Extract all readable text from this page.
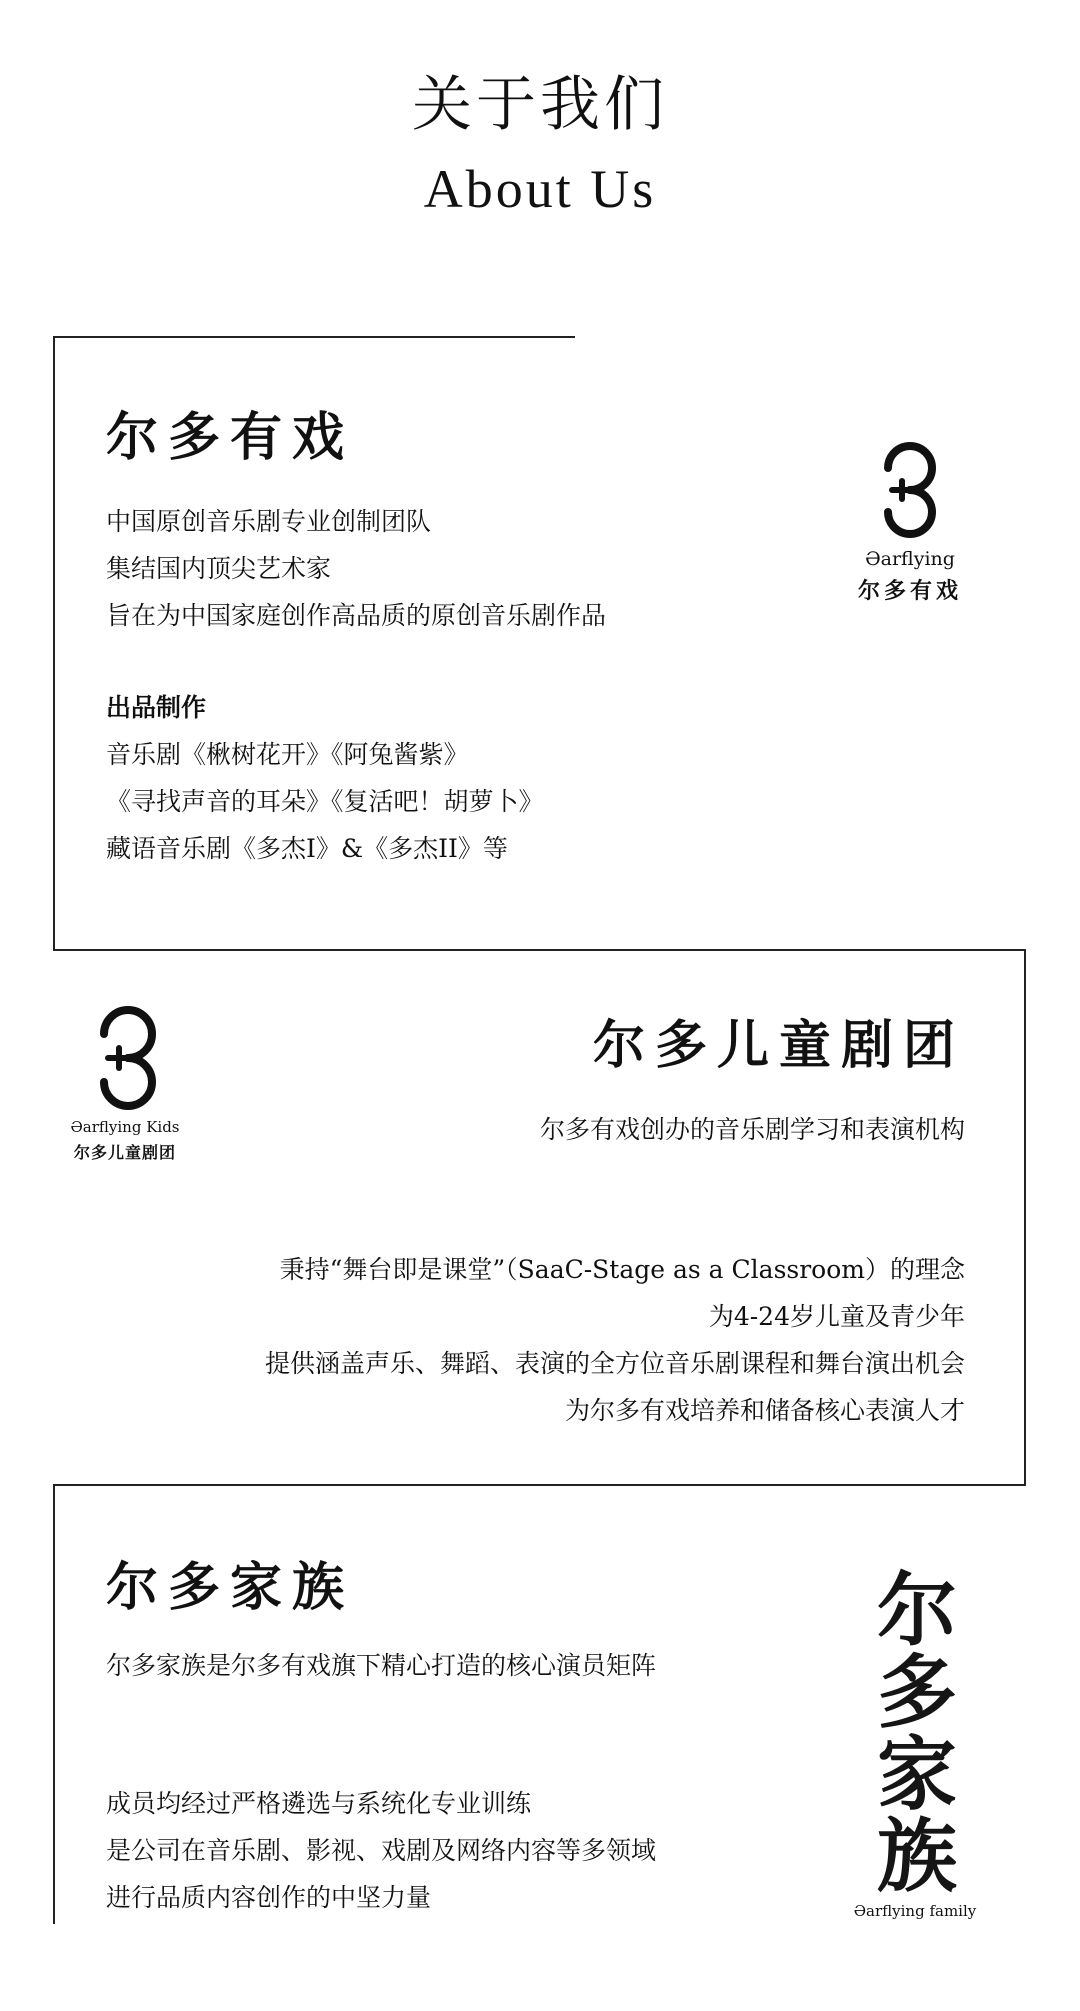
关于我们
About Us
尔多有戏
中国原创音乐剧专业创制团队
集结国内顶尖艺术家
旨在为中国家庭创作高品质的原创音乐剧作品
出品制作
音乐剧《楸树花开》《阿兔酱紫》
《寻找声音的耳朵》《复活吧！胡萝卜》
藏语音乐剧《多杰I》&《多杰II》等
Əarflying
尔多有戏
尔多儿童剧团
尔多有戏创办的音乐剧学习和表演机构
秉持“舞台即是课堂”（SaaC-Stage as a Classroom）的理念
为4-24岁儿童及青少年
提供涵盖声乐、舞蹈、表演的全方位音乐剧课程和舞台演出机会
为尔多有戏培养和储备核心表演人才
Əarflying Kids
尔多儿童剧团
尔多家族
尔多家族是尔多有戏旗下精心打造的核心演员矩阵
成员均经过严格遴选与系统化专业训练
是公司在音乐剧、影视、戏剧及网络内容等多领域
进行品质内容创作的中坚力量
尔多
家族
Əarflying family
